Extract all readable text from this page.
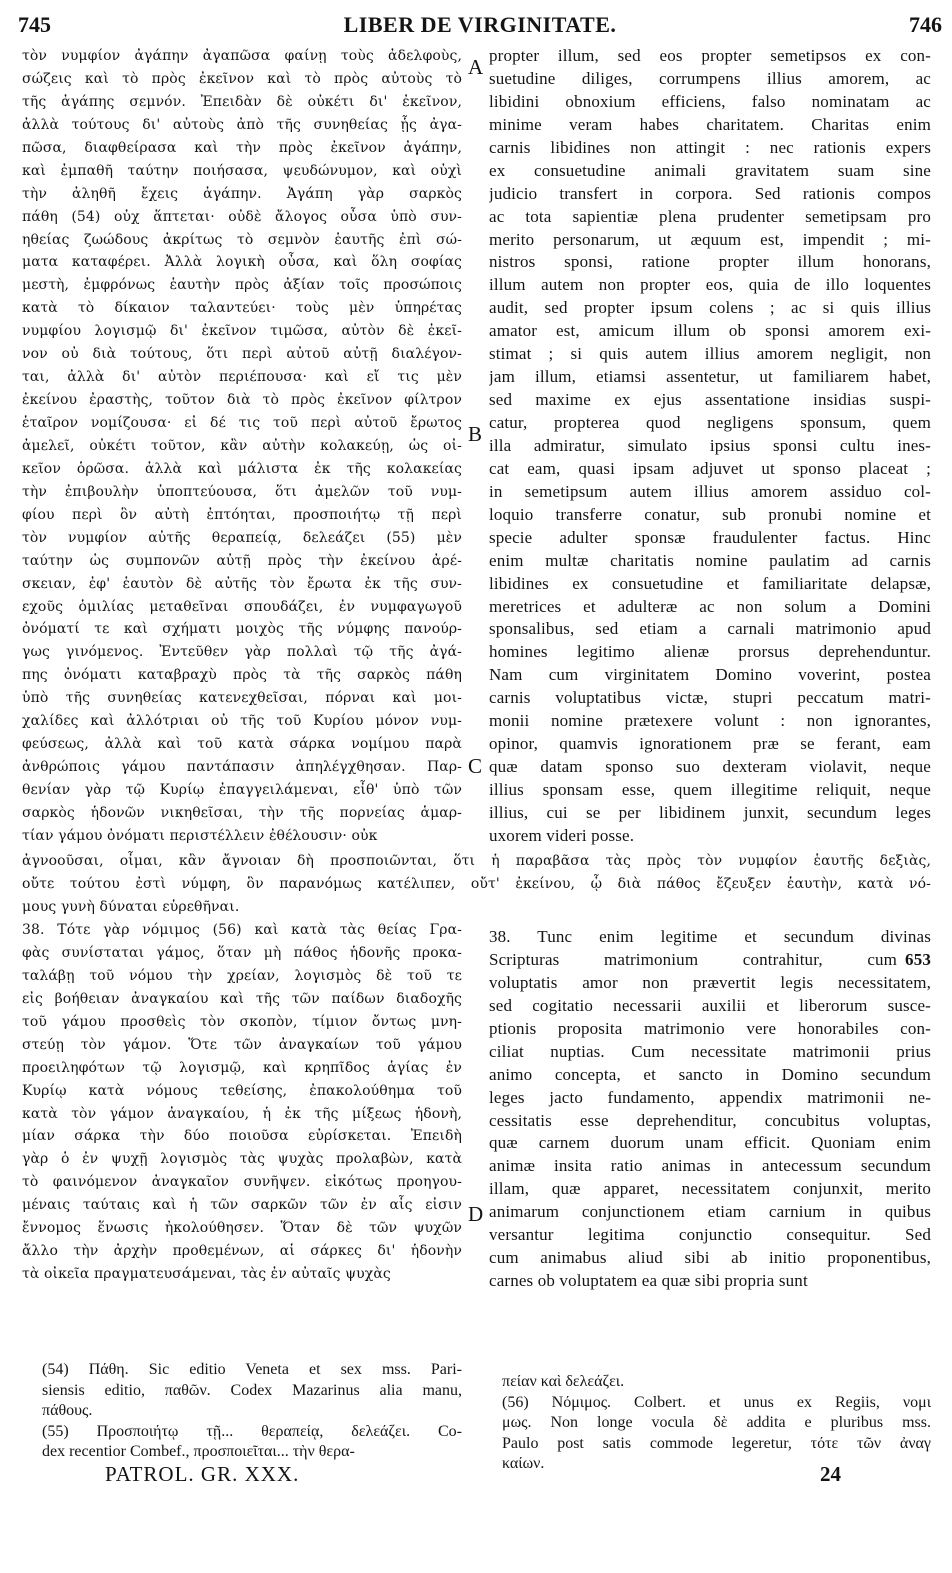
745	LIBER DE VIRGINITATE.	746
τὸν νυμφίον ἀγάπην ἀγαπῶσα φαίνῃ τοὺς ἀδελφοὺς,
σώζεις καὶ τὸ πρὸς ἐκεῖνον καὶ τὸ πρὸς αὐτοὺς τὸ
τῆς ἀγάπης σεμνόν. Ἐπειδὰν δὲ οὐκέτι δι' ἐκεῖνον,
ἀλλὰ τούτους δι' αὐτοὺς ἀπὸ τῆς συνηθείας ᾗς ἀγα-
πῶσα, διαφθείρασα καὶ τὴν πρὸς ἐκεῖνον ἀγάπην,
καὶ ἐμπαθῆ ταύτην ποιήσασα, ψευδώνυμον, καὶ οὐχὶ
τὴν ἀληθῆ ἔχεις ἀγάπην. Ἀγάπη γὰρ σαρκὸς
πάθη (54) οὐχ ἅπτεται· οὐδὲ ἄλογος οὖσα ὑπὸ συν-
ηθείας ζωώδους ἀκρίτως τὸ σεμνὸν ἑαυτῆς ἐπὶ σώ-
ματα καταφέρει. Ἀλλὰ λογικὴ οὖσα, καὶ ὅλη σοφίας
μεστὴ, ἐμφρόνως ἑαυτὴν πρὸς ἀξίαν τοῖς προσώποις
κατὰ τὸ δίκαιον ταλαντεύει· τοὺς μὲν ὑπηρέτας
νυμφίου λογισμῷ δι' ἐκεῖνον τιμῶσα, αὐτὸν δὲ ἐκεῖ-
νον οὐ διὰ τούτους, ὅτι περὶ αὐτοῦ αὐτῇ διαλέγον-
ται, ἀλλὰ δι' αὐτὸν περιέπουσα· καὶ εἴ τις μὲν
ἐκείνου ἐραστὴς, τοῦτον διὰ τὸ πρὸς ἐκεῖνον φίλτρον
ἑταῖρον νομίζουσα· εἰ δέ τις τοῦ περὶ αὐτοῦ ἔρωτος
ἀμελεῖ, οὐκέτι τοῦτον, κἂν αὐτὴν κολακεύῃ, ὡς οἰ-
κεῖον ὁρῶσα. ἀλλὰ καὶ μάλιστα ἐκ τῆς κολακείας
τὴν ἐπιβουλὴν ὑποπτεύουσα, ὅτι ἀμελῶν τοῦ νυμ-
φίου περὶ ὃν αὐτὴ ἐπτόηται, προσποιήτῳ τῇ περὶ
τὸν νυμφίον αὐτῆς θεραπείᾳ, δελεάζει (55) μὲν
ταύτην ὡς συμπονῶν αὐτῇ πρὸς τὴν ἐκείνου ἀρέ-
σκειαν, ἐφ' ἑαυτὸν δὲ αὐτῆς τὸν ἔρωτα ἐκ τῆς συν-
εχοῦς ὁμιλίας μεταθεῖναι σπουδάζει, ἐν νυμφαγωγοῦ
ὀνόματί τε καὶ σχήματι μοιχὸς τῆς νύμφης πανούρ-
γως γινόμενος. Ἐντεῦθεν γὰρ πολλαὶ τῷ τῆς ἀγά-
πης ὀνόματι καταβραχὺ πρὸς τὰ τῆς σαρκὸς πάθη
ὑπὸ τῆς συνηθείας κατενεχθεῖσαι, πόρναι καὶ μοι-
χαλίδες καὶ ἀλλότριαι οὐ τῆς τοῦ Κυρίου μόνον νυμ-
φεύσεως, ἀλλὰ καὶ τοῦ κατὰ σάρκα νομίμου παρὰ
ἀνθρώποις γάμου παντάπασιν ἀπηλέγχθησαν. Παρ-
θενίαν γὰρ τῷ Κυρίῳ ἐπαγγειλάμεναι, εἶθ' ὑπὸ τῶν
σαρκὸς ἡδονῶν νικηθεῖσαι, τὴν τῆς πορνείας ἁμαρ-
τίαν γάμου ὀνόματι περιστέλλειν ἐθέλουσιν· οὐκ
propter illum, sed eos propter semetipsos ex con-
suetudine diliges, corrumpens illius amorem, ac
libidini obnoxium efficiens, falso nominatam ac
minime veram habes charitatem. Charitas enim
carnis libidines non attingit : nec rationis expers
ex consuetudine animali gravitatem suam sine
judicio transfert in corpora. Sed rationis compos
ac tota sapientiæ plena prudenter semetipsam pro
merito personarum, ut æquum est, impendit ; mi-
nistros sponsi, ratione propter illum honorans,
illum autem non propter eos, quia de illo loquentes
audit, sed propter ipsum colens ; ac si quis illius
amator est, amicum illum ob sponsi amorem exi-
stimat ; si quis autem illius amorem negligit, non
jam illum, etiamsi assentetur, ut familiarem habet,
sed maxime ex ejus assentatione insidias suspi-
catur, propterea quod negligens sponsum, quem
illa admiratur, simulato ipsius sponsi cultu ines-
cat eam, quasi ipsam adjuvet ut sponso placeat ;
in semetipsum autem illius amorem assiduo col-
loquio transferre conatur, sub pronubi nomine et
specie adulter sponsæ fraudulenter factus. Hinc
enim multæ charitatis nomine paulatim ad carnis
libidines ex consuetudine et familiaritate delapsæ,
meretrices et adulteræ ac non solum a Domini
sponsalibus, sed etiam a carnali matrimonio apud
homines legitimo alienæ prorsus deprehenduntur.
Nam cum virginitatem Domino voverint, postea
carnis voluptatibus victæ, stupri peccatum matri-
monii nomine prætexere volunt : non ignorantes,
opinor, quamvis ignorationem præ se ferant, eam
quæ datam sponso suo dexteram violavit, neque
illius sponsam esse, quem illegitime reliquit, neque
illius, cui se per libidinem junxit, secundum leges
uxorem videri posse.
A
B
C
D
ἀγνοοῦσαι, οἶμαι, κἂν ἄγνοιαν δὴ προσποιῶνται, ὅτι ἡ παραβᾶσα τὰς πρὸς τὸν νυμφίον ἑαυτῆς δεξιὰς,
οὔτε τούτου ἐστὶ νύμφη, ὃν παρανόμως κατέλιπεν, οὔτ' ἐκείνου, ᾧ διὰ πάθος ἔζευξεν ἑαυτὴν, κατὰ νό-
μους γυνὴ δύναται εὑρεθῆναι.
38. Τότε γὰρ νόμιμος (56) καὶ κατὰ τὰς θείας Γρα-
φὰς συνίσταται γάμος, ὅταν μὴ πάθος ἡδονῆς προκα-
ταλάβῃ τοῦ νόμου τὴν χρείαν, λογισμὸς δὲ τοῦ τε
εἰς βοήθειαν ἀναγκαίου καὶ τῆς τῶν παίδων διαδοχῆς
τοῦ γάμου προσθεὶς τὸν σκοπὸν, τίμιον ὄντως μνη-
στεύῃ τὸν γάμον. Ὅτε τῶν ἀναγκαίων τοῦ γάμου
προειληφότων τῷ λογισμῷ, καὶ κρηπῖδος ἁγίας ἐν
Κυρίῳ κατὰ νόμους τεθείσης, ἐπακολούθημα τοῦ
κατὰ τὸν γάμον ἀναγκαίου, ἡ ἐκ τῆς μίξεως ἡδονὴ,
μίαν σάρκα τὴν δύο ποιοῦσα εὑρίσκεται. Ἐπειδὴ
γὰρ ὁ ἐν ψυχῇ λογισμὸς τὰς ψυχὰς προλαβὼν, κατὰ
τὸ φαινόμενον ἀναγκαῖον συνῆψεν. εἰκότως προηγου-
μέναις ταύταις καὶ ἡ τῶν σαρκῶν τῶν ἐν αἷς εἰσιν
ἔννομος ἕνωσις ἠκολούθησεν. Ὅταν δὲ τῶν ψυχῶν
ἄλλο τὴν ἀρχὴν προθεμένων, αἱ σάρκες δι' ἡδονὴν
τὰ οἰκεῖα πραγματευσάμεναι, τὰς ἐν αὐταῖς ψυχὰς
38. Tunc enim legitime et secundum divinas
Scripturas matrimonium contrahitur, cum 653
voluptatis amor non prævertit legis necessitatem,
sed cogitatio necessarii auxilii et liberorum susce-
ptionis proposita matrimonio vere honorabiles con-
ciliat nuptias. Cum necessitate matrimonii prius
animo concepta, et sancto in Domino secundum
leges jacto fundamento, appendix matrimonii ne-
cessitatis esse deprehenditur, concubitus voluptas,
quæ carnem duorum unam efficit. Quoniam enim
animæ insita ratio animas in antecessum secundum
illam, quæ apparet, necessitatem conjunxit, merito
animarum conjunctionem etiam carnium in quibus
versantur legitima conjunctio consequitur. Sed
cum animabus aliud sibi ab initio proponentibus,
carnes ob voluptatem ea quæ sibi propria sunt
(54) Πάθη. Sic editio Veneta et sex mss. Pari-
siensis editio, παθῶν. Codex Mazarinus alia manu,
πάθους.
(55) Προσποιήτῳ τῇ... θεραπείᾳ, δελεάζει. Co-
dex recentior Combef., προσποιεῖται... τὴν θερα-
πείαν καὶ δελεάζει.
(56) Νόμιμος. Colbert. et unus ex Regiis, νομι
μως. Non longe vocula δὲ addita e pluribus mss.
Paulo post satis commode legeretur, τότε τῶν ἀναγ
καίων.
PATROL. GR. XXX.	24
